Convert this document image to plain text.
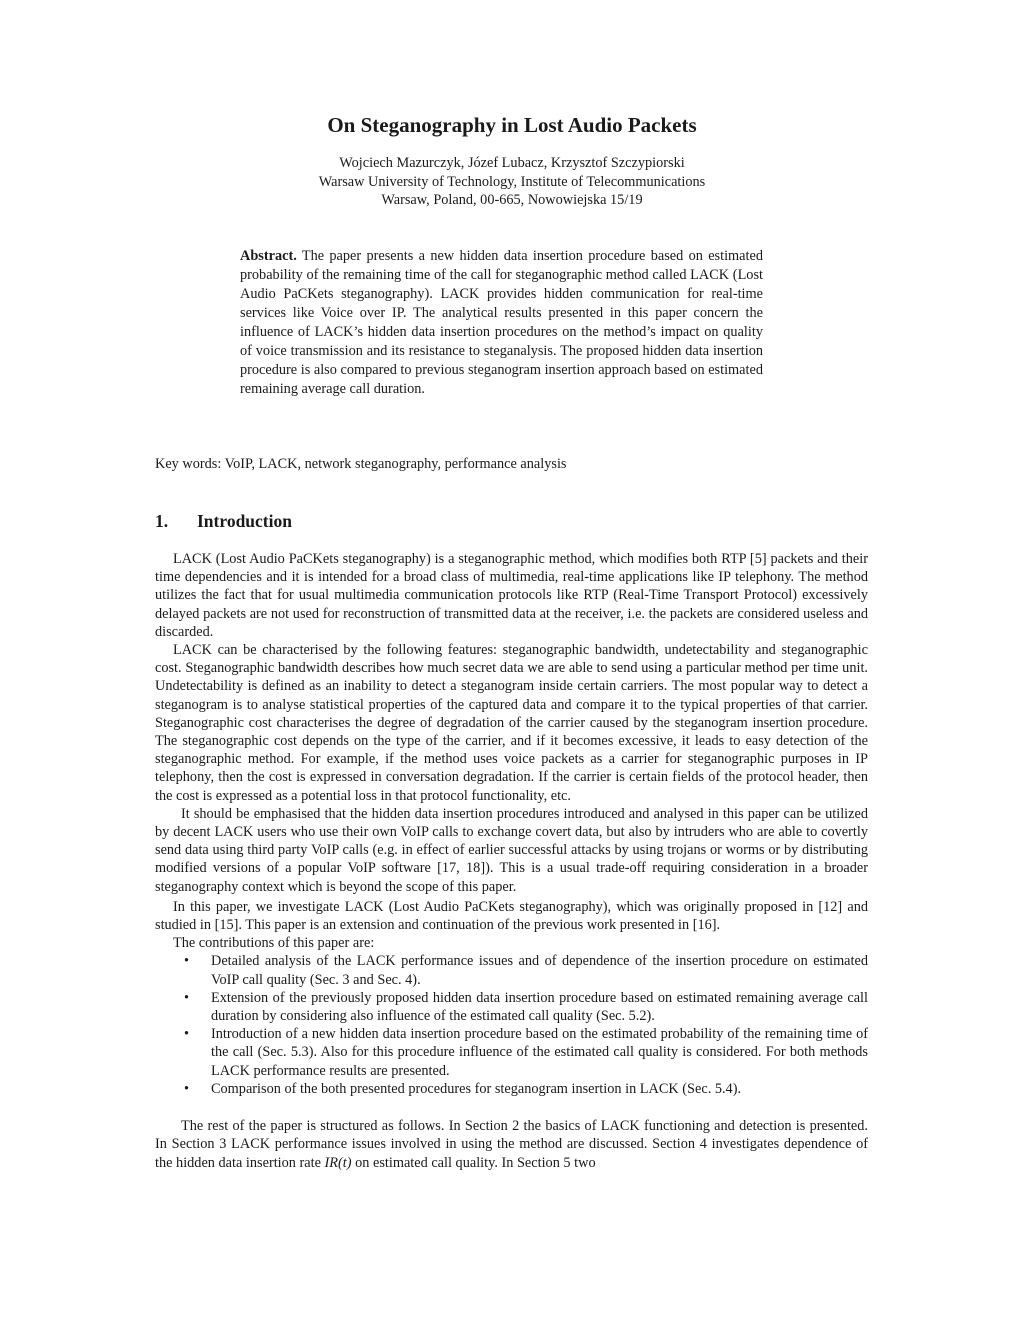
On Steganography in Lost Audio Packets
Wojciech Mazurczyk, Józef Lubacz, Krzysztof Szczypiorski
Warsaw University of Technology, Institute of Telecommunications
Warsaw, Poland, 00-665, Nowowiejska 15/19
Abstract. The paper presents a new hidden data insertion procedure based on estimated probability of the remaining time of the call for steganographic method called LACK (Lost Audio PaCKets steganography). LACK provides hidden communication for real-time services like Voice over IP. The analytical results presented in this paper concern the influence of LACK’s hidden data insertion procedures on the method’s impact on quality of voice transmission and its resistance to steganalysis. The proposed hidden data insertion procedure is also compared to previous steganogram insertion approach based on estimated remaining average call duration.
Key words: VoIP, LACK, network steganography, performance analysis
1. Introduction

LACK (Lost Audio PaCKets steganography) is a steganographic method, which modifies both RTP [5] packets and their time dependencies and it is intended for a broad class of multimedia, real-time applications like IP telephony. The method utilizes the fact that for usual multimedia communication protocols like RTP (Real-Time Transport Protocol) excessively delayed packets are not used for reconstruction of transmitted data at the receiver, i.e. the packets are considered useless and discarded.

LACK can be characterised by the following features: steganographic bandwidth, undetectability and steganographic cost. Steganographic bandwidth describes how much secret data we are able to send using a particular method per time unit. Undetectability is defined as an inability to detect a steganogram inside certain carriers. The most popular way to detect a steganogram is to analyse statistical properties of the captured data and compare it to the typical properties of that carrier. Steganographic cost characterises the degree of degradation of the carrier caused by the steganogram insertion procedure. The steganographic cost depends on the type of the carrier, and if it becomes excessive, it leads to easy detection of the steganographic method. For example, if the method uses voice packets as a carrier for steganographic purposes in IP telephony, then the cost is expressed in conversation degradation. If the carrier is certain fields of the protocol header, then the cost is expressed as a potential loss in that protocol functionality, etc.

It should be emphasised that the hidden data insertion procedures introduced and analysed in this paper can be utilized by decent LACK users who use their own VoIP calls to exchange covert data, but also by intruders who are able to covertly send data using third party VoIP calls (e.g. in effect of earlier successful attacks by using trojans or worms or by distributing modified versions of a popular VoIP software [17, 18]). This is a usual trade-off requiring consideration in a broader steganography context which is beyond the scope of this paper.

In this paper, we investigate LACK (Lost Audio PaCKets steganography), which was originally proposed in [12] and studied in [15]. This paper is an extension and continuation of the previous work presented in [16].

The contributions of this paper are:

• Detailed analysis of the LACK performance issues and of dependence of the insertion procedure on estimated VoIP call quality (Sec. 3 and Sec. 4).
• Extension of the previously proposed hidden data insertion procedure based on estimated remaining average call duration by considering also influence of the estimated call quality (Sec. 5.2).
• Introduction of a new hidden data insertion procedure based on the estimated probability of the remaining time of the call (Sec. 5.3). Also for this procedure influence of the estimated call quality is considered. For both methods LACK performance results are presented.
• Comparison of the both presented procedures for steganogram insertion in LACK (Sec. 5.4).

The rest of the paper is structured as follows. In Section 2 the basics of LACK functioning and detection is presented. In Section 3 LACK performance issues involved in using the method are discussed. Section 4 investigates dependence of the hidden data insertion rate IR(t) on estimated call quality. In Section 5 two
